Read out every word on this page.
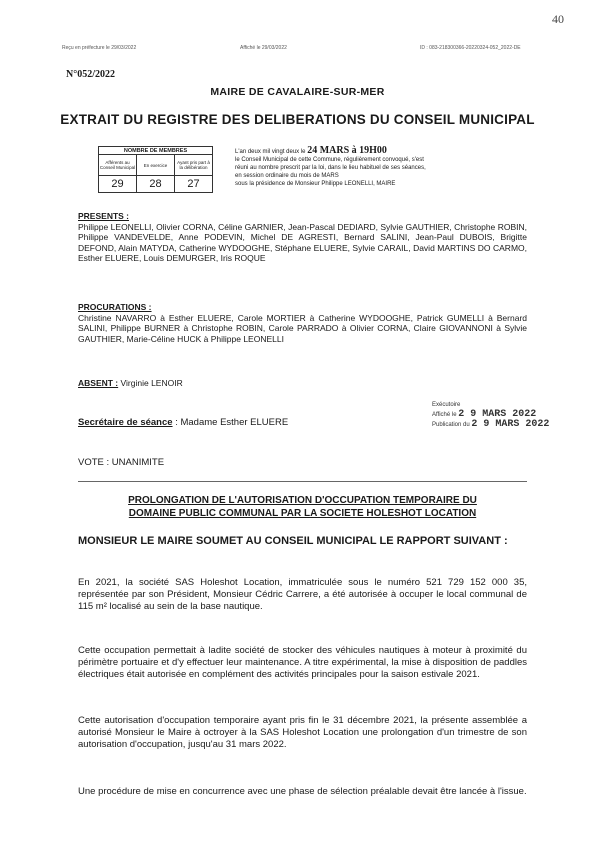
Reçu en préfecture le 29/03/2022	Affiché le 29/03/2022	ID : 083-218300366-20220324-052_2022-DE
40
N°052/2022
MAIRE DE CAVALAIRE-SUR-MER
EXTRAIT DU REGISTRE DES DELIBERATIONS DU CONSEIL MUNICIPAL
NOMBRE DE MEMBRES		
Afférents au Conseil Municipal	En exercice	Ayant pris part à la délibération
29	28	27
L'an deux mil vingt deux le 24 MARS à 19H00
le Conseil Municipal de cette Commune, régulièrement convoqué, s'est
réuni au nombre prescrit par la loi, dans le lieu habituel de ses séances,
en session ordinaire du mois de MARS
sous la présidence de Monsieur Philippe LEONELLI, MAIRE
PRESENTS :
Philippe LEONELLI, Olivier CORNA, Céline GARNIER, Jean-Pascal DEDIARD, Sylvie GAUTHIER, Christophe ROBIN, Philippe VANDEVELDE, Anne PODEVIN, Michel DE AGRESTI, Bernard SALINI, Jean-Paul DUBOIS, Brigitte DEFOND, Alain MATYDA, Catherine WYDOOGHE, Stéphane ELUERE, Sylvie CARAIL, David MARTINS DO CARMO, Esther ELUERE, Louis DEMURGER, Iris ROQUE
PROCURATIONS :
Christine NAVARRO à Esther ELUERE, Carole MORTIER à Catherine WYDOOGHE, Patrick GUMELLI à Bernard SALINI, Philippe BURNER à Christophe ROBIN, Carole PARRADO à Olivier CORNA, Claire GIOVANNONI à Sylvie GAUTHIER, Marie-Céline HUCK à Philippe LEONELLI
ABSENT : Virginie LENOIR
Secrétaire de séance : Madame Esther ELUERE
Exécutoire
Affiché le 2 9 MARS 2022
Publication du 2 9 MARS 2022
VOTE : UNANIMITE
PROLONGATION DE L'AUTORISATION D'OCCUPATION TEMPORAIRE DU
DOMAINE PUBLIC COMMUNAL PAR LA SOCIETE HOLESHOT LOCATION
MONSIEUR LE MAIRE SOUMET AU CONSEIL MUNICIPAL LE RAPPORT SUIVANT :
En 2021, la société SAS Holeshot Location, immatriculée sous le numéro 521 729 152 000 35, représentée par son Président, Monsieur Cédric Carrere, a été autorisée à occuper le local communal de 115 m² localisé au sein de la base nautique.
Cette occupation permettait à ladite société de stocker des véhicules nautiques à moteur à proximité du périmètre portuaire et d'y effectuer leur maintenance. A titre expérimental, la mise à disposition de paddles électriques était autorisée en complément des activités principales pour la saison estivale 2021.
Cette autorisation d'occupation temporaire ayant pris fin le 31 décembre 2021, la présente assemblée a autorisé Monsieur le Maire à octroyer à la SAS Holeshot Location une prolongation d'un trimestre de son autorisation d'occupation, jusqu'au 31 mars 2022.
Une procédure de mise en concurrence avec une phase de sélection préalable devait être lancée à l'issue.
